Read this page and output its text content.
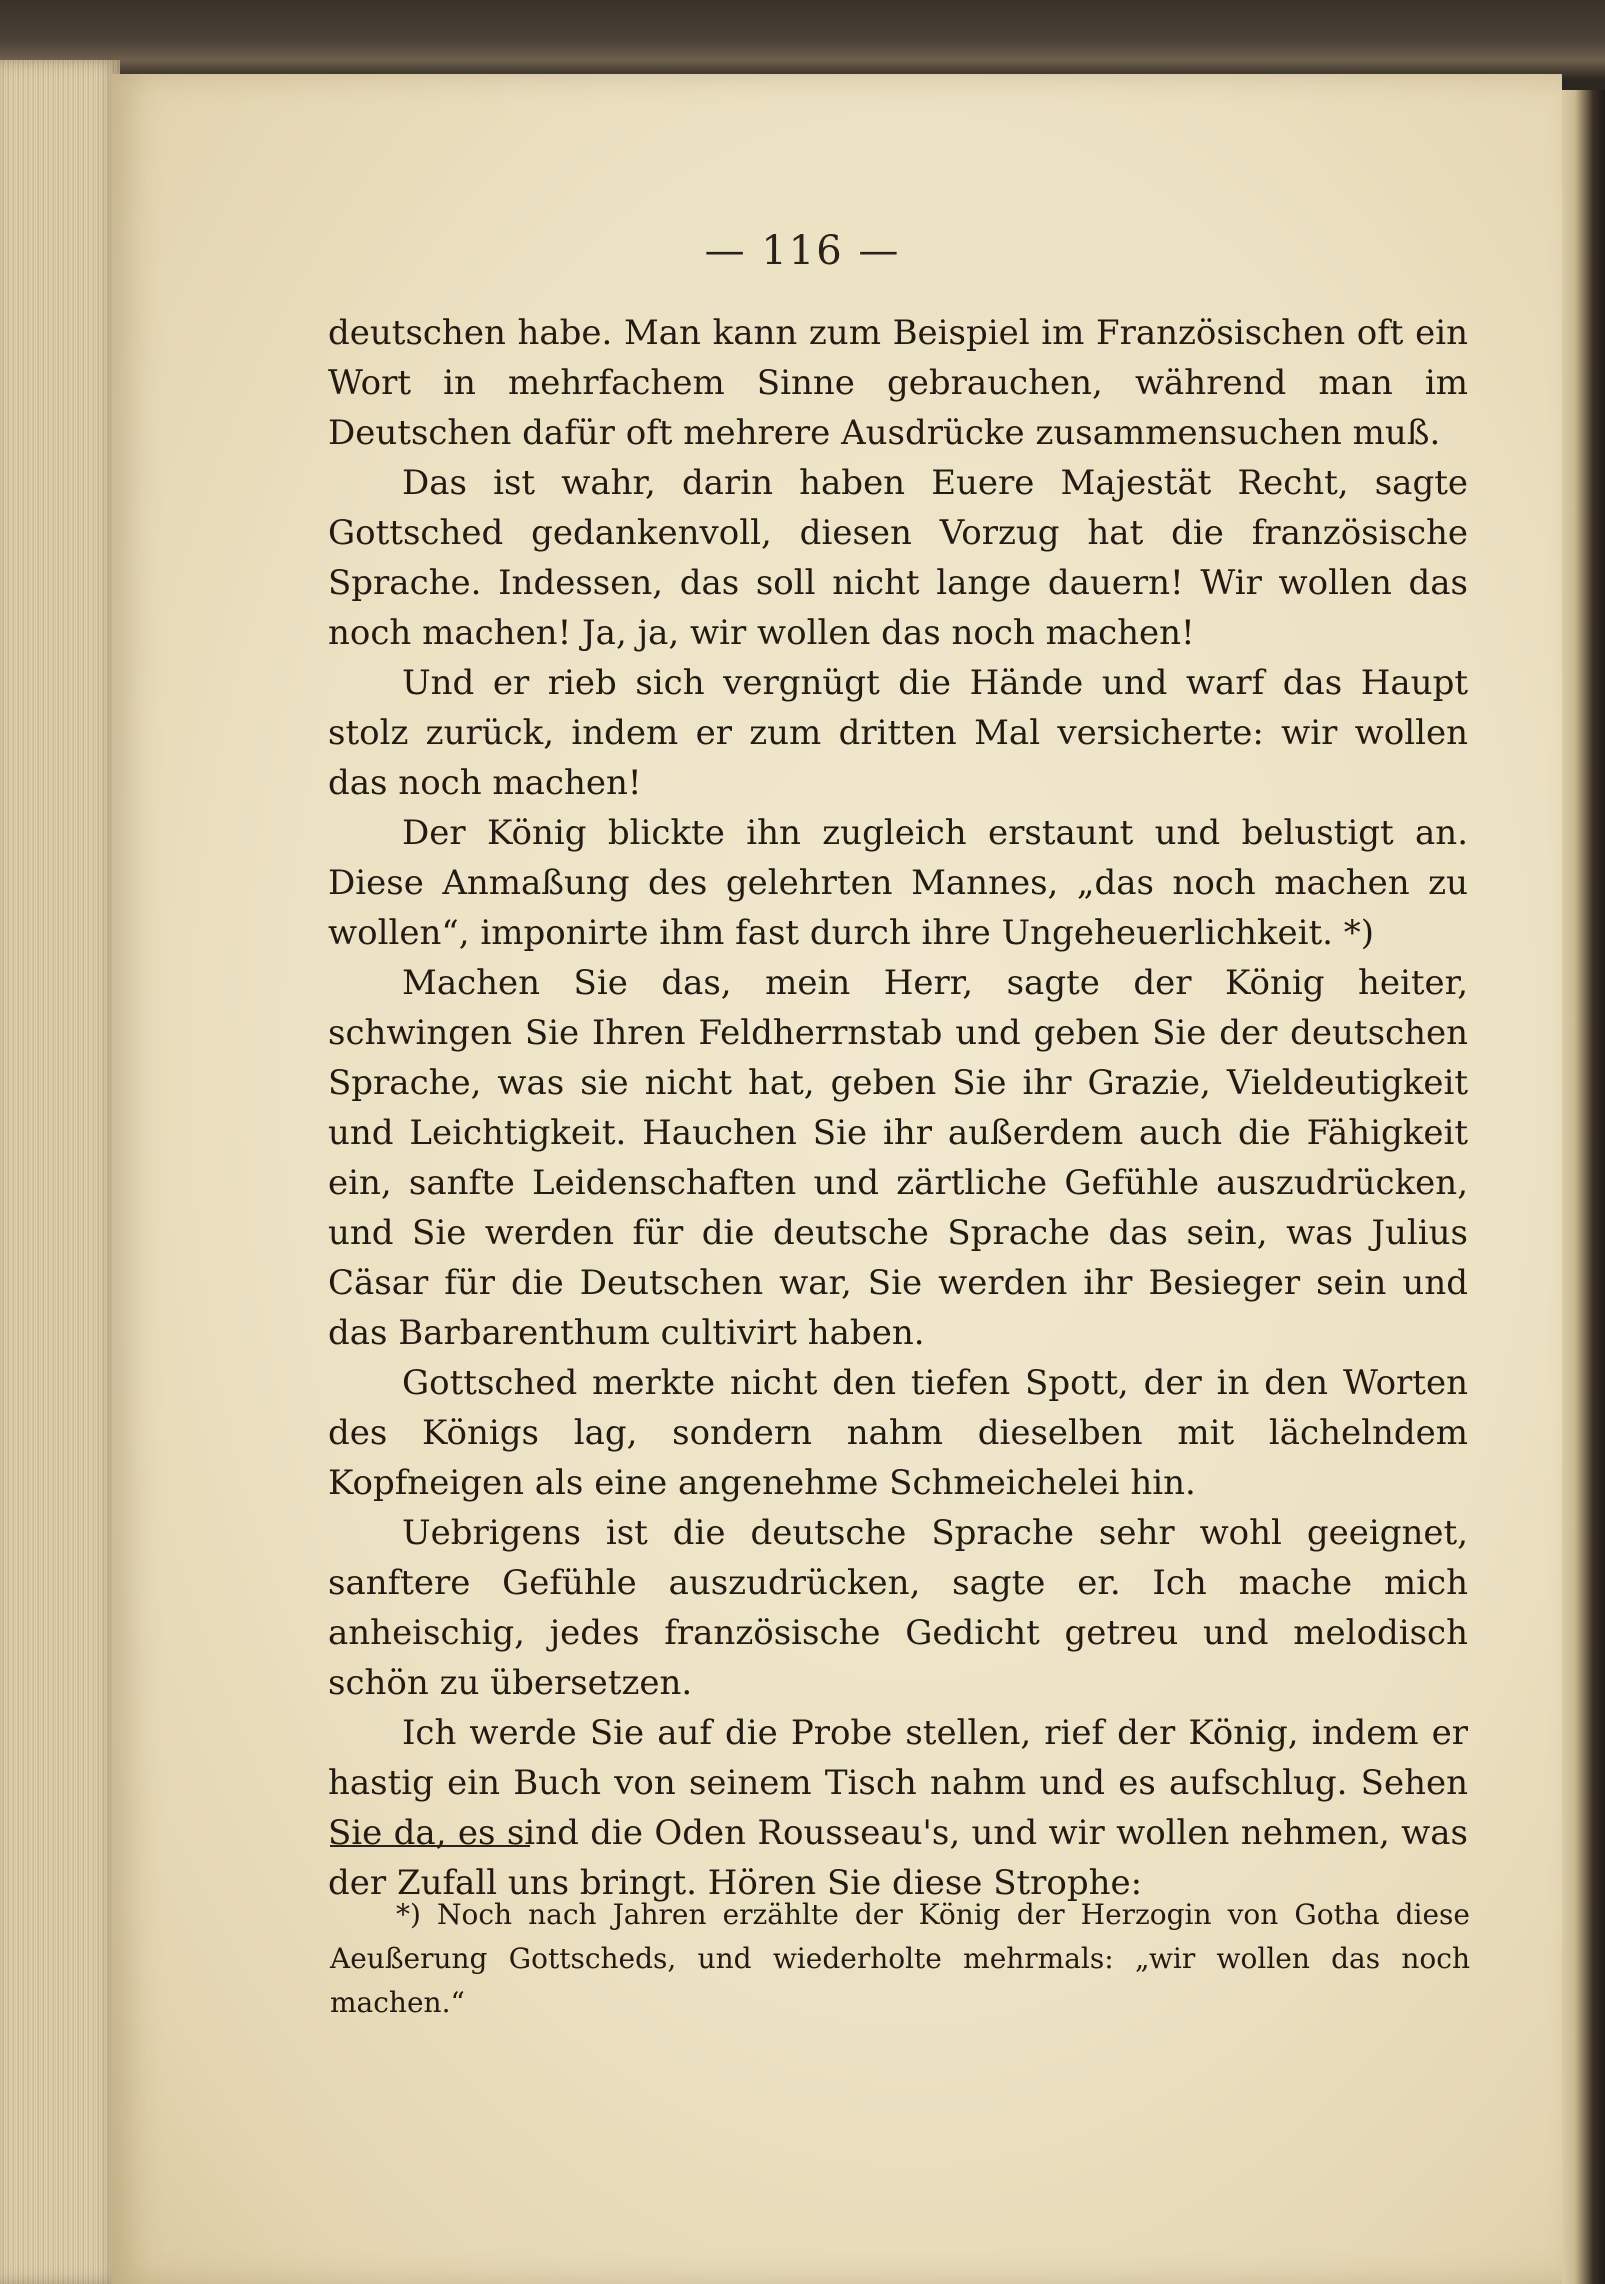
— 116 —

deutschen habe. Man kann zum Beispiel im Französischen oft ein Wort in mehrfachem Sinne gebrauchen, während man im Deutschen dafür oft mehrere Ausdrücke zusammensuchen muß.

Das ist wahr, darin haben Euere Majestät Recht, sagte Gottsched gedankenvoll, diesen Vorzug hat die französische Sprache. Indessen, das soll nicht lange dauern! Wir wollen das noch machen! Ja, ja, wir wollen das noch machen!

Und er rieb sich vergnügt die Hände und warf das Haupt stolz zurück, indem er zum dritten Mal versicherte: wir wollen das noch machen!

Der König blickte ihn zugleich erstaunt und belustigt an. Diese Anmaßung des gelehrten Mannes, „das noch machen zu wollen“, imponirte ihm fast durch ihre Ungeheuerlichkeit. *)

Machen Sie das, mein Herr, sagte der König heiter, schwingen Sie Ihren Feldherrnstab und geben Sie der deutschen Sprache, was sie nicht hat, geben Sie ihr Grazie, Vieldeutigkeit und Leichtigkeit. Hauchen Sie ihr außerdem auch die Fähigkeit ein, sanfte Leidenschaften und zärtliche Gefühle auszudrücken, und Sie werden für die deutsche Sprache das sein, was Julius Cäsar für die Deutschen war, Sie werden ihr Besieger sein und das Barbarenthum cultivirt haben.

Gottsched merkte nicht den tiefen Spott, der in den Worten des Königs lag, sondern nahm dieselben mit lächelndem Kopfneigen als eine angenehme Schmeichelei hin.

Uebrigens ist die deutsche Sprache sehr wohl geeignet, sanftere Gefühle auszudrücken, sagte er. Ich mache mich anheischig, jedes französische Gedicht getreu und melodisch schön zu übersetzen.

Ich werde Sie auf die Probe stellen, rief der König, indem er hastig ein Buch von seinem Tisch nahm und es aufschlug. Sehen Sie da, es sind die Oden Rousseau's, und wir wollen nehmen, was der Zufall uns bringt. Hören Sie diese Strophe:

*) Noch nach Jahren erzählte der König der Herzogin von Gotha diese Aeußerung Gottscheds, und wiederholte mehrmals: „wir wollen das noch machen.“
